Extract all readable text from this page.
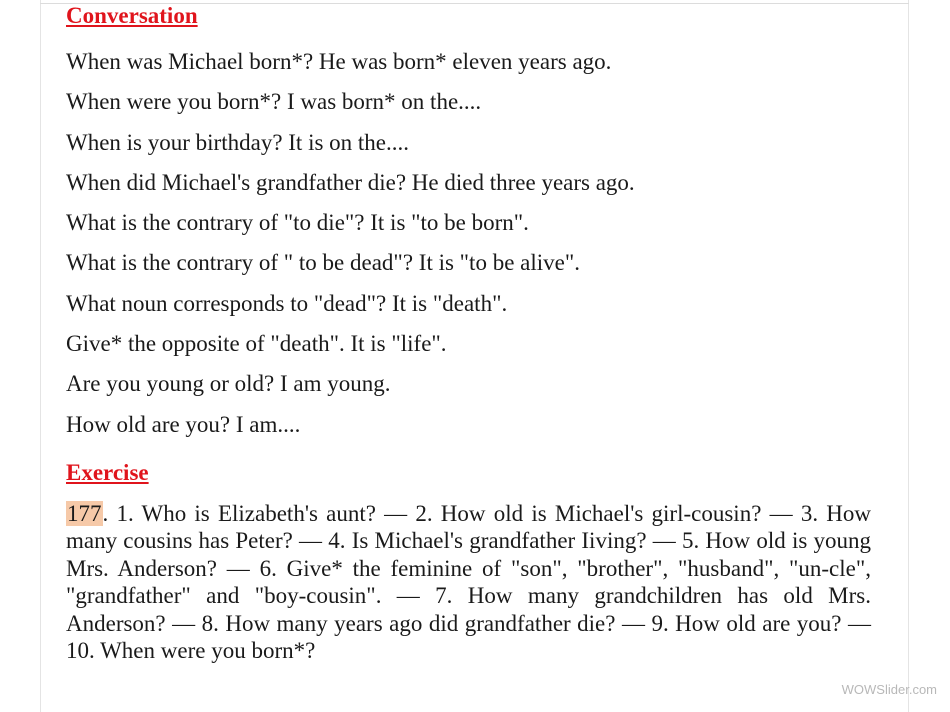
Conversation
When was Michael born*? He was born* eleven years ago.
When were you born*? I was born* on the....
When is your birthday? It is on the....
When did Michael's grandfather die? He died three years ago.
What is the contrary of "to die"? It is "to be born".
What is the contrary of " to be dead"? It is "to be alive".
What noun corresponds to "dead"? It is "death".
Give* the opposite of "death". It is "life".
Are you young or old? I am young.
How old are you? I am....
Exercise

177. 1. Who is Elizabeth's aunt? — 2. How old is Michael's girl-cousin? — 3. How many cousins has Peter? — 4. Is Michael's grandfather Iiving? — 5. How old is young Mrs. Anderson? — 6. Give* the feminine of "son", "brother", "husband", "un-cle", "grandfather" and "boy-cousin". — 7. How many grandchildren has old Mrs. Anderson? — 8. How many years ago did grandfather die? — 9. How old are you? — 10. When were you born*?

WOWSlider.com
